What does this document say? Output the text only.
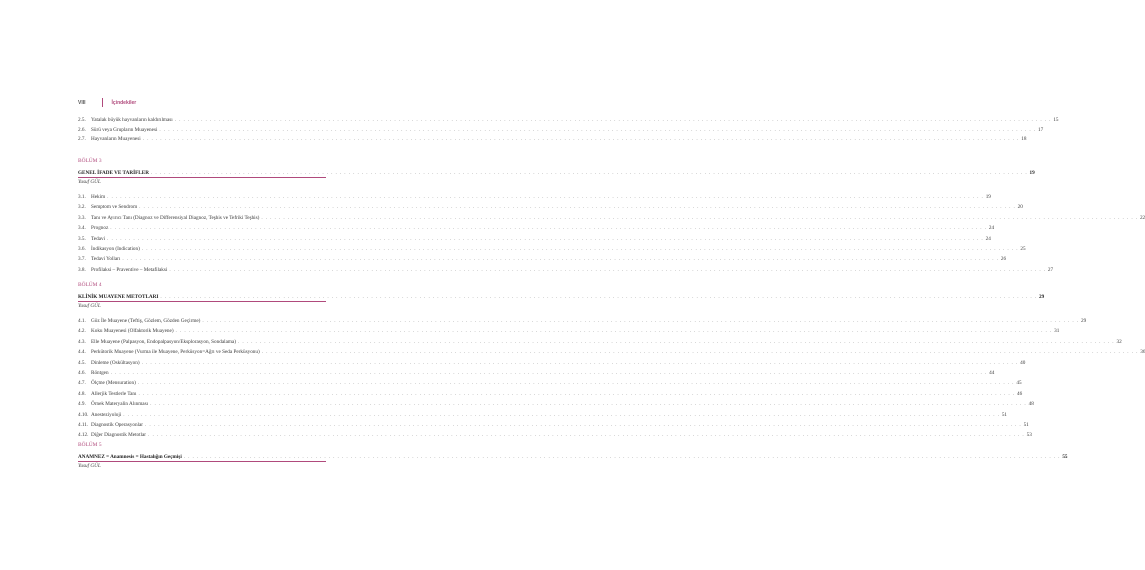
VIII	İçindekiler
2.5.	Yatalak büyük hayvanların kaldırılması . . . . . . . . . . . . . . . . . . . . . . . . . . . . . . . . . . . . . . . . . . . . . . . . . . . . . . . . . . . . . . . . . . . . . . . . . . . . . . . . . . . . . . . . . . . . . . . . . . . . . . . . . . . . . . . . . . . . . . . . . . . . . . . . . . . . . . . . . . . . . . . . . . . . . . . . . . . . . . . . . . . . . . . . . . . . . . . . . . . . . . . . . . . . . . . . . . . . . . . . 15
2.6.	Sürü veya Grupların Muayenesi . . . . . . . . . . . . . . . . . . . . . . . . . . . . . . . . . . . . . . . . . . . . . . . . . . . . . . . . . . . . . . . . . . . . . . . . . . . . . . . . . . . . . . . . . . . . . . . . . . . . . . . . . . . . . . . . . . . . . . . . . . . . . . . . . . . . . . . . . . . . . . . . . . . . . . . . . . . . . . . . . . . . . . . . . . . . . . . . . . . . . . . . . . . . . . . . . . . . . . . . 17
2.7.	Hayvanların Muayenesi . . . . . . . . . . . . . . . . . . . . . . . . . . . . . . . . . . . . . . . . . . . . . . . . . . . . . . . . . . . . . . . . . . . . . . . . . . . . . . . . . . . . . . . . . . . . . . . . . . . . . . . . . . . . . . . . . . . . . . . . . . . . . . . . . . . . . . . . . . . . . . . . . . . . . . . . . . . . . . . . . . . . . . . . . . . . . . . . . . . . . . . . . . . . . . . . . . . . . . . . 18
BÖLÜM 3
GENEL İFADE VE TARİFLER . . . . . . . . . . . . . . . . . . . . . . . . . . . . . . . . . . . . . . . . . . . . . . . . . . . . . . . . . . . . . . . . . . . . . . . . . . . . . . . . . . . . . . . . . . . . . . . . . . . . . . . . . . . . . . . . . . . . . . . . . . . . . . . . . . . . . . . . . . . . . . . . . . . . . . . . . . . . . . . . . . . . . . . . . . . . . . . . . . . . . . . . . . . . . . . . . . . . . . . . 19
Yusuf GÜL
3.1.	Hekim . . . . . . . . . . . . . . . . . . . . . . . . . . . . . . . . . . . . . . . . . . . . . . . . . . . . . . . . . . . . . . . . . . . . . . . . . . . . . . . . . . . . . . . . . . . . . . . . . . . . . . . . . . . . . . . . . . . . . . . . . . . . . . . . . . . . . . . . . . . . . . . . . . . . . . . . . . . . . . . . . . . . . . . . . . . . . . . . . . . . . . . . . . . . . . . . . . . . . . . . 19
3.2.	Semptom ve Sendrom . . . . . . . . . . . . . . . . . . . . . . . . . . . . . . . . . . . . . . . . . . . . . . . . . . . . . . . . . . . . . . . . . . . . . . . . . . . . . . . . . . . . . . . . . . . . . . . . . . . . . . . . . . . . . . . . . . . . . . . . . . . . . . . . . . . . . . . . . . . . . . . . . . . . . . . . . . . . . . . . . . . . . . . . . . . . . . . . . . . . . . . . . . . . . . . . . . . . . . . . 20
3.3.	Tanı ve Ayırıcı Tanı (Diagnoz ve Differensiyal Diagnoz, Teşhis ve Tefriki Teşhis) . . . . . . . . . . . . . . . . . . . . . . . . . . . . . . . . . . . . . . . . . . . . . . . . . . . . . . . . . . . . . . . . . . . . . . . . . . . . . . . . . . . . . . . . . . . . . . . . . . . . . . . . . . . . . . . . . . . . . . . . . . . . . . . . . . . . . . . . . . . . . . . . . . . . . . . . . . . . . . . . . . . . . . . . . . . . . . . . . . . . . . . . . . . . . . . . . . . . . . . . 22
3.4.	Prognoz . . . . . . . . . . . . . . . . . . . . . . . . . . . . . . . . . . . . . . . . . . . . . . . . . . . . . . . . . . . . . . . . . . . . . . . . . . . . . . . . . . . . . . . . . . . . . . . . . . . . . . . . . . . . . . . . . . . . . . . . . . . . . . . . . . . . . . . . . . . . . . . . . . . . . . . . . . . . . . . . . . . . . . . . . . . . . . . . . . . . . . . . . . . . . . . . . . . . . . . . 24
3.5.	Tedavi . . . . . . . . . . . . . . . . . . . . . . . . . . . . . . . . . . . . . . . . . . . . . . . . . . . . . . . . . . . . . . . . . . . . . . . . . . . . . . . . . . . . . . . . . . . . . . . . . . . . . . . . . . . . . . . . . . . . . . . . . . . . . . . . . . . . . . . . . . . . . . . . . . . . . . . . . . . . . . . . . . . . . . . . . . . . . . . . . . . . . . . . . . . . . . . . . . . . . . . . 24
3.6.	İndikasyon (Indication) . . . . . . . . . . . . . . . . . . . . . . . . . . . . . . . . . . . . . . . . . . . . . . . . . . . . . . . . . . . . . . . . . . . . . . . . . . . . . . . . . . . . . . . . . . . . . . . . . . . . . . . . . . . . . . . . . . . . . . . . . . . . . . . . . . . . . . . . . . . . . . . . . . . . . . . . . . . . . . . . . . . . . . . . . . . . . . . . . . . . . . . . . . . . . . . . . . . . . . . . 25
3.7.	Tedavi Yolları . . . . . . . . . . . . . . . . . . . . . . . . . . . . . . . . . . . . . . . . . . . . . . . . . . . . . . . . . . . . . . . . . . . . . . . . . . . . . . . . . . . . . . . . . . . . . . . . . . . . . . . . . . . . . . . . . . . . . . . . . . . . . . . . . . . . . . . . . . . . . . . . . . . . . . . . . . . . . . . . . . . . . . . . . . . . . . . . . . . . . . . . . . . . . . . . . . . . . . . . 26
3.8.	Profilaksi – Praventive – Metafilaksi . . . . . . . . . . . . . . . . . . . . . . . . . . . . . . . . . . . . . . . . . . . . . . . . . . . . . . . . . . . . . . . . . . . . . . . . . . . . . . . . . . . . . . . . . . . . . . . . . . . . . . . . . . . . . . . . . . . . . . . . . . . . . . . . . . . . . . . . . . . . . . . . . . . . . . . . . . . . . . . . . . . . . . . . . . . . . . . . . . . . . . . . . . . . . . . . . . . . . . . . 27
BÖLÜM 4
KLİNİK MUAYENE METOTLARI . . . . . . . . . . . . . . . . . . . . . . . . . . . . . . . . . . . . . . . . . . . . . . . . . . . . . . . . . . . . . . . . . . . . . . . . . . . . . . . . . . . . . . . . . . . . . . . . . . . . . . . . . . . . . . . . . . . . . . . . . . . . . . . . . . . . . . . . . . . . . . . . . . . . . . . . . . . . . . . . . . . . . . . . . . . . . . . . . . . . . . . . . . . . . . . . . . . . . . . . 29
Yusuf GÜL
4.1.	Göz İle Muayene (Teftiş, Gözlem, Gözden Geçirme) . . . . . . . . . . . . . . . . . . . . . . . . . . . . . . . . . . . . . . . . . . . . . . . . . . . . . . . . . . . . . . . . . . . . . . . . . . . . . . . . . . . . . . . . . . . . . . . . . . . . . . . . . . . . . . . . . . . . . . . . . . . . . . . . . . . . . . . . . . . . . . . . . . . . . . . . . . . . . . . . . . . . . . . . . . . . . . . . . . . . . . . . . . . . . . . . . . . . . . . . 29
4.2.	Koku Muayenesi (Olfaktorik Muayene) . . . . . . . . . . . . . . . . . . . . . . . . . . . . . . . . . . . . . . . . . . . . . . . . . . . . . . . . . . . . . . . . . . . . . . . . . . . . . . . . . . . . . . . . . . . . . . . . . . . . . . . . . . . . . . . . . . . . . . . . . . . . . . . . . . . . . . . . . . . . . . . . . . . . . . . . . . . . . . . . . . . . . . . . . . . . . . . . . . . . . . . . . . . . . . . . . . . . . . . . 31
4.3.	Elle Muayene (Palpasyon, Endopalpasyon/Eksplorasyon, Sondalama) . . . . . . . . . . . . . . . . . . . . . . . . . . . . . . . . . . . . . . . . . . . . . . . . . . . . . . . . . . . . . . . . . . . . . . . . . . . . . . . . . . . . . . . . . . . . . . . . . . . . . . . . . . . . . . . . . . . . . . . . . . . . . . . . . . . . . . . . . . . . . . . . . . . . . . . . . . . . . . . . . . . . . . . . . . . . . . . . . . . . . . . . . . . . . . . . . . . . . . . . 32
4.4.	Perkütorik Muayene (Vurma ile Muayene, Perküsyon=Ağrı ve Seda Perküsyonu) . . . . . . . . . . . . . . . . . . . . . . . . . . . . . . . . . . . . . . . . . . . . . . . . . . . . . . . . . . . . . . . . . . . . . . . . . . . . . . . . . . . . . . . . . . . . . . . . . . . . . . . . . . . . . . . . . . . . . . . . . . . . . . . . . . . . . . . . . . . . . . . . . . . . . . . . . . . . . . . . . . . . . . . . . . . . . . . . . . . . . . . . . . . . . . . . . . . . . . . . 36
4.5.	Dinleme (Oskültasyon) . . . . . . . . . . . . . . . . . . . . . . . . . . . . . . . . . . . . . . . . . . . . . . . . . . . . . . . . . . . . . . . . . . . . . . . . . . . . . . . . . . . . . . . . . . . . . . . . . . . . . . . . . . . . . . . . . . . . . . . . . . . . . . . . . . . . . . . . . . . . . . . . . . . . . . . . . . . . . . . . . . . . . . . . . . . . . . . . . . . . . . . . . . . . . . . . . . . . . . . . 40
4.6.	Röntgen . . . . . . . . . . . . . . . . . . . . . . . . . . . . . . . . . . . . . . . . . . . . . . . . . . . . . . . . . . . . . . . . . . . . . . . . . . . . . . . . . . . . . . . . . . . . . . . . . . . . . . . . . . . . . . . . . . . . . . . . . . . . . . . . . . . . . . . . . . . . . . . . . . . . . . . . . . . . . . . . . . . . . . . . . . . . . . . . . . . . . . . . . . . . . . . . . . . . . . . . 44
4.7.	Ölçme (Mensuration) . . . . . . . . . . . . . . . . . . . . . . . . . . . . . . . . . . . . . . . . . . . . . . . . . . . . . . . . . . . . . . . . . . . . . . . . . . . . . . . . . . . . . . . . . . . . . . . . . . . . . . . . . . . . . . . . . . . . . . . . . . . . . . . . . . . . . . . . . . . . . . . . . . . . . . . . . . . . . . . . . . . . . . . . . . . . . . . . . . . . . . . . . . . . . . . . . . . . . . . . 45
4.8.	Allerjik Testlerle Tanı . . . . . . . . . . . . . . . . . . . . . . . . . . . . . . . . . . . . . . . . . . . . . . . . . . . . . . . . . . . . . . . . . . . . . . . . . . . . . . . . . . . . . . . . . . . . . . . . . . . . . . . . . . . . . . . . . . . . . . . . . . . . . . . . . . . . . . . . . . . . . . . . . . . . . . . . . . . . . . . . . . . . . . . . . . . . . . . . . . . . . . . . . . . . . . . . . . . . . . . . 46
4.9.	Örnek Materyalin Alınması . . . . . . . . . . . . . . . . . . . . . . . . . . . . . . . . . . . . . . . . . . . . . . . . . . . . . . . . . . . . . . . . . . . . . . . . . . . . . . . . . . . . . . . . . . . . . . . . . . . . . . . . . . . . . . . . . . . . . . . . . . . . . . . . . . . . . . . . . . . . . . . . . . . . . . . . . . . . . . . . . . . . . . . . . . . . . . . . . . . . . . . . . . . . . . . . . . . . . . . . 48
4.10. Anesteziyoloji . . . . . . . . . . . . . . . . . . . . . . . . . . . . . . . . . . . . . . . . . . . . . . . . . . . . . . . . . . . . . . . . . . . . . . . . . . . . . . . . . . . . . . . . . . . . . . . . . . . . . . . . . . . . . . . . . . . . . . . . . . . . . . . . . . . . . . . . . . . . . . . . . . . . . . . . . . . . . . . . . . . . . . . . . . . . . . . . . . . . . . . . . . . . . . . . . . . . . . . . 51
4.11. Diagnostik Operasyonlar . . . . . . . . . . . . . . . . . . . . . . . . . . . . . . . . . . . . . . . . . . . . . . . . . . . . . . . . . . . . . . . . . . . . . . . . . . . . . . . . . . . . . . . . . . . . . . . . . . . . . . . . . . . . . . . . . . . . . . . . . . . . . . . . . . . . . . . . . . . . . . . . . . . . . . . . . . . . . . . . . . . . . . . . . . . . . . . . . . . . . . . . . . . . . . . . . . . . . . . . 51
4.12. Diğer Diagnostik Metotlar . . . . . . . . . . . . . . . . . . . . . . . . . . . . . . . . . . . . . . . . . . . . . . . . . . . . . . . . . . . . . . . . . . . . . . . . . . . . . . . . . . . . . . . . . . . . . . . . . . . . . . . . . . . . . . . . . . . . . . . . . . . . . . . . . . . . . . . . . . . . . . . . . . . . . . . . . . . . . . . . . . . . . . . . . . . . . . . . . . . . . . . . . . . . . . . . . . . . . . . . 53
BÖLÜM 5
ANAMNEZ = Anamnesis = Hastalığın Geçmişi . . . . . . . . . . . . . . . . . . . . . . . . . . . . . . . . . . . . . . . . . . . . . . . . . . . . . . . . . . . . . . . . . . . . . . . . . . . . . . . . . . . . . . . . . . . . . . . . . . . . . . . . . . . . . . . . . . . . . . . . . . . . . . . . . . . . . . . . . . . . . . . . . . . . . . . . . . . . . . . . . . . . . . . . . . . . . . . . . . . . . . . . . . . . . . . . . . . . . . . . 55
Yusuf GÜL
